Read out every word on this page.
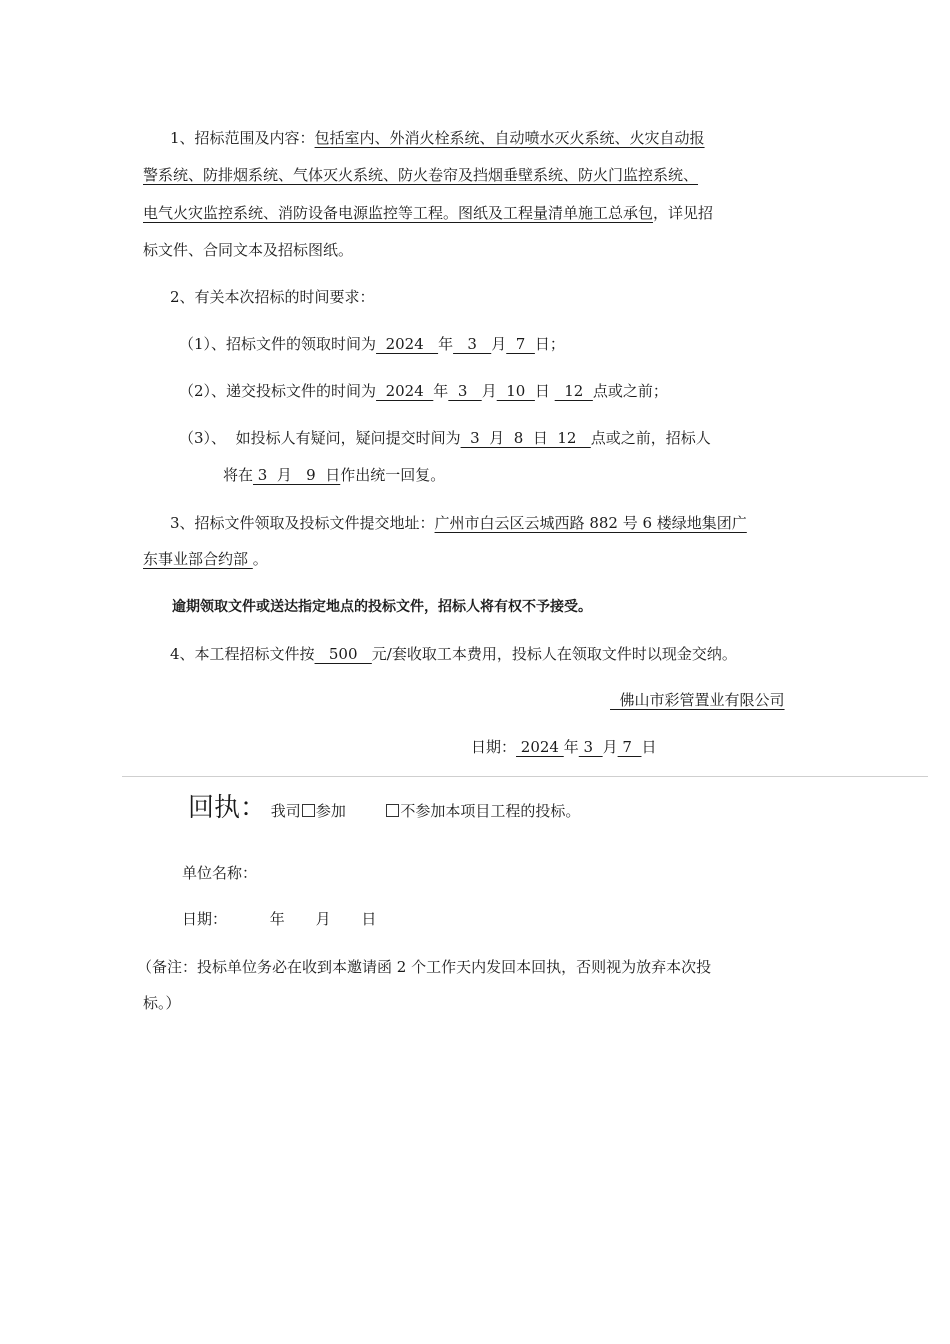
1、招标范围及内容：包括室内、外消火栓系统、自动喷水灭火系统、火灾自动报
警系统、防排烟系统、气体灭火系统、防火卷帘及挡烟垂壁系统、防火门监控系统、
电气火灾监控系统、消防设备电源监控等工程。图纸及工程量清单施工总承包，详见招
标文件、合同文本及招标图纸。
2、有关本次招标的时间要求：
（1）、招标文件的领取时间为  2024   年   3   月  7  日；
（2）、递交投标文件的时间为  2024  年  3   月  10  日   12  点或之前；
（3）、  如投标人有疑问，疑问提交时间为  3  月  8  日  12   点或之前，招标人
将在 3  月   9  日作出统一回复。
3、招标文件领取及投标文件提交地址：广州市白云区云城西路 882 号 6 楼绿地集团广
东事业部合约部 。
逾期领取文件或送达指定地点的投标文件，招标人将有权不予接受。
4、本工程招标文件按   500   元/套收取工本费用，投标人在领取文件时以现金交纳。
佛山市彩管置业有限公司
日期： 2024 年 3  月 7  日
回执： 我司 参加	不参加本项目工程的投标。
单位名称：
日期：	年 月 日
（备注：投标单位务必在收到本邀请函 2 个工作天内发回本回执，否则视为放弃本次投
标。）
